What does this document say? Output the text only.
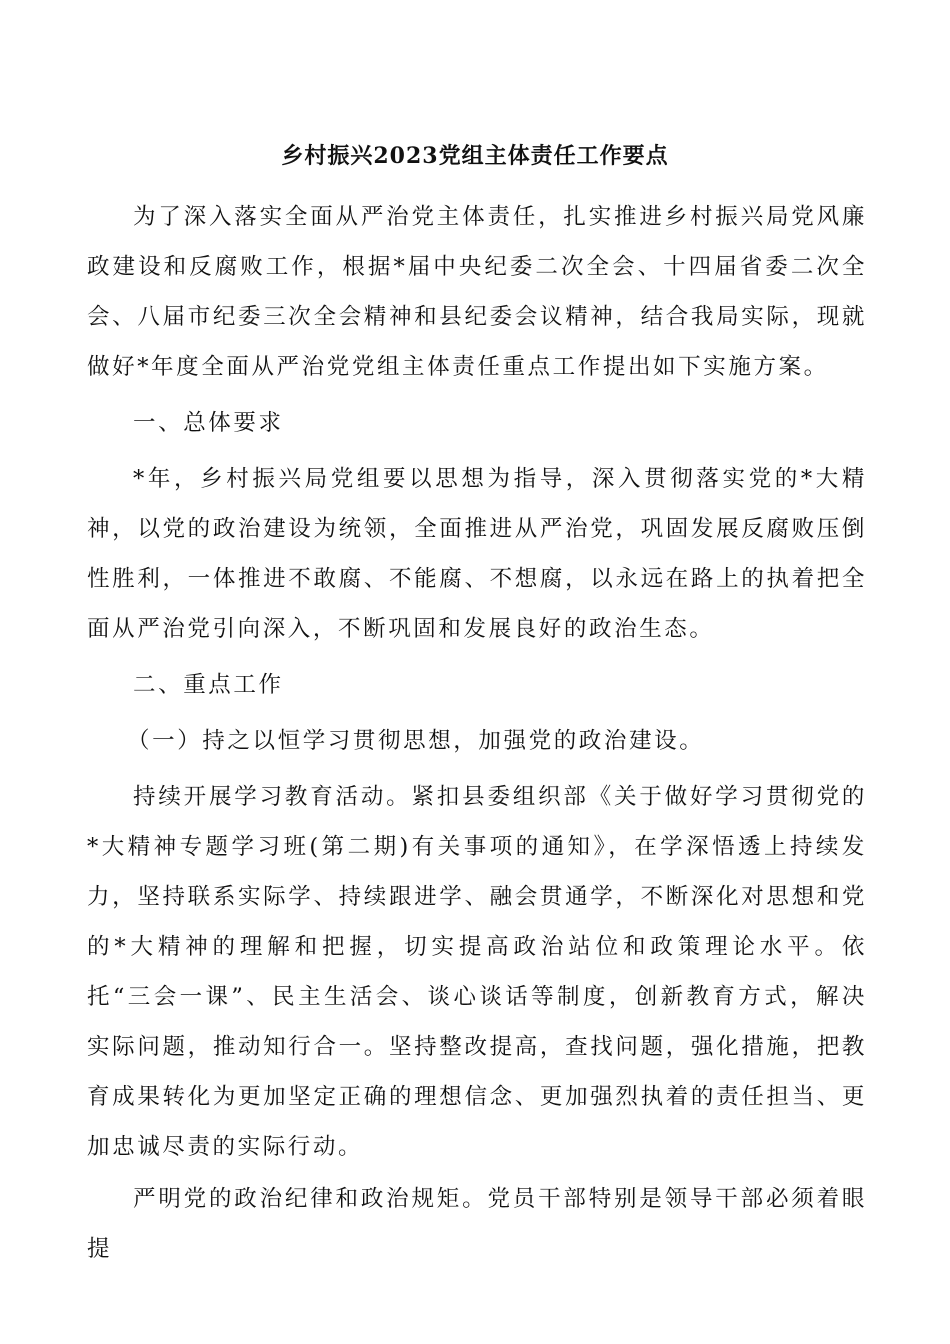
乡村振兴2023党组主体责任工作要点

为了深入落实全面从严治党主体责任，扎实推进乡村振兴局党风廉政建设和反腐败工作，根据*届中央纪委二次全会、十四届省委二次全会、八届市纪委三次全会精神和县纪委会议精神，结合我局实际，现就做好*年度全面从严治党党组主体责任重点工作提出如下实施方案。

一、总体要求

*年，乡村振兴局党组要以思想为指导，深入贯彻落实党的*大精神，以党的政治建设为统领，全面推进从严治党，巩固发展反腐败压倒性胜利，一体推进不敢腐、不能腐、不想腐，以永远在路上的执着把全面从严治党引向深入，不断巩固和发展良好的政治生态。

二、重点工作

（一）持之以恒学习贯彻思想，加强党的政治建设。

持续开展学习教育活动。紧扣县委组织部《关于做好学习贯彻党的*大精神专题学习班(第二期)有关事项的通知》，在学深悟透上持续发力，坚持联系实际学、持续跟进学、融会贯通学，不断深化对思想和党的*大精神的理解和把握，切实提高政治站位和政策理论水平。依托“三会一课”、民主生活会、谈心谈话等制度，创新教育方式，解决实际问题，推动知行合一。坚持整改提高，查找问题，强化措施，把教育成果转化为更加坚定正确的理想信念、更加强烈执着的责任担当、更加忠诚尽责的实际行动。

严明党的政治纪律和政治规矩。党员干部特别是领导干部必须着眼提
